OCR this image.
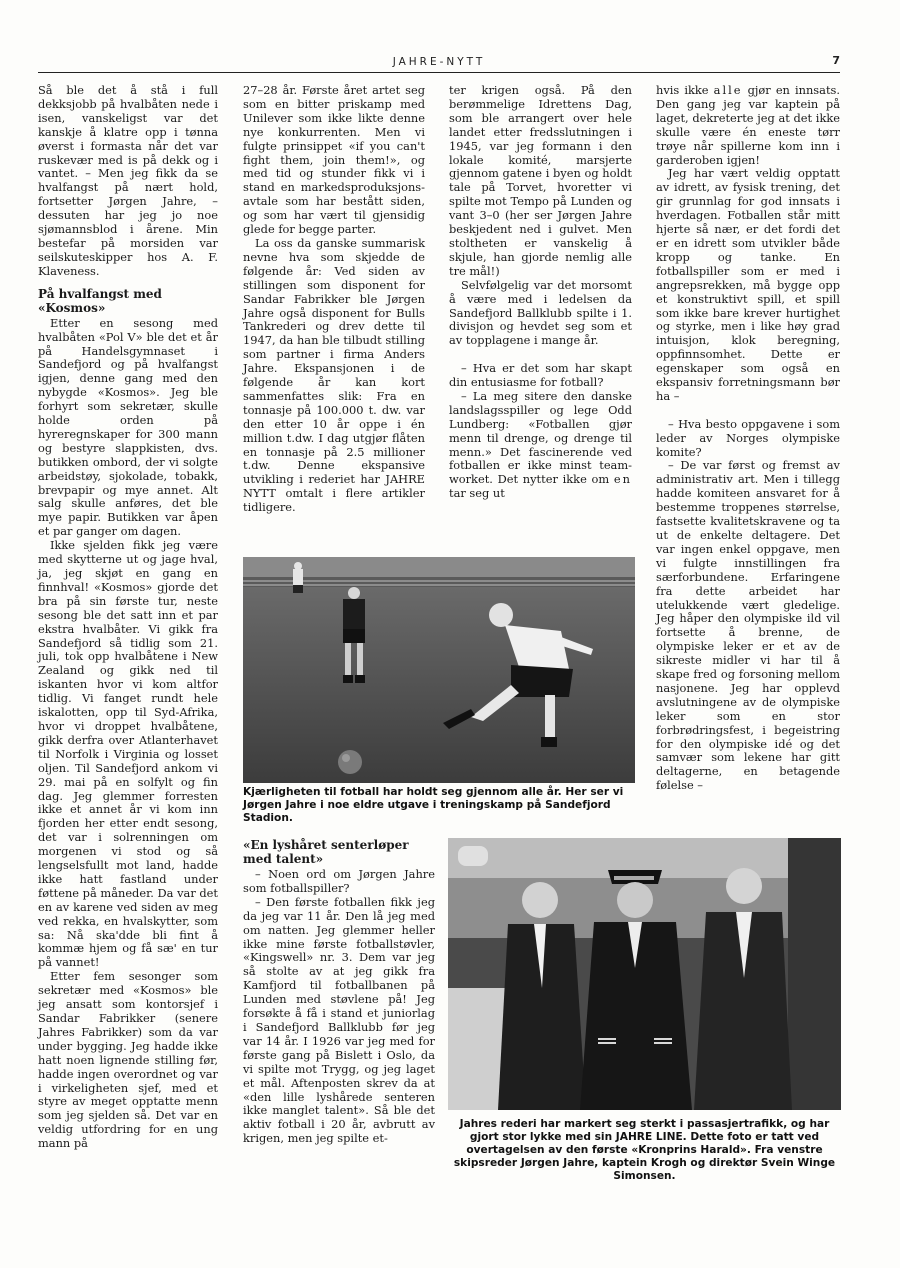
JAHRE-NYTT	7

Så ble det å stå i full dekksjobb på hvalbåten nede i isen, vanskeligst var det kanskje å klatre opp i tønna øverst i formasta når det var ruskevær med is på dekk og i vantet. – Men jeg fikk da se hvalfangst på nært hold, fortsetter Jørgen Jahre, – dessuten har jeg jo noe sjømannsblod i årene. Min bestefar på morsiden var seilskuteskipper hos A. F. Klaveness.

På hvalfangst med «Kosmos»

Etter en sesong med hvalbåten «Pol V» ble det et år på Handelsgymnaset i Sandefjord og på hvalfangst igjen, denne gang med den nybygde «Kosmos». Jeg ble forhyrt som sekretær, skulle holde orden på hyreregnskaper for 300 mann og bestyre slappkisten, dvs. butikken ombord, der vi solgte arbeidstøy, sjokolade, tobakk, brevpapir og mye annet. Alt salg skulle anføres, det ble mye papir. Butikken var åpen et par ganger om dagen.

Ikke sjelden fikk jeg være med skytterne ut og jage hval, ja, jeg skjøt en gang en finnhval! «Kosmos» gjorde det bra på sin første tur, neste sesong ble det satt inn et par ekstra hvalbåter. Vi gikk fra Sandefjord så tidlig som 21. juli, tok opp hvalbåtene i New Zealand og gikk ned til iskanten hvor vi kom altfor tidlig. Vi fanget rundt hele iskalotten, opp til Syd-Afrika, hvor vi droppet hvalbåtene, gikk derfra over Atlanterhavet til Norfolk i Virginia og losset oljen. Til Sandefjord ankom vi 29. mai på en solfylt og fin dag. Jeg glemmer forresten ikke et annet år vi kom inn fjorden her etter endt sesong, det var i solrenningen om morgenen vi stod og så lengselsfullt mot land, hadde ikke hatt fastland under føttene på måneder. Da var det en av karene ved siden av meg ved rekka, en hvalskytter, som sa: Nå ska'dde bli fint å kommæ hjem og få sæ' en tur på vannet!

Etter fem sesonger som sekretær med «Kosmos» ble jeg ansatt som kontorsjef i Sandar Fabrikker (senere Jahres Fabrikker) som da var under bygging. Jeg hadde ikke hatt noen lignende stilling før, hadde ingen overordnet og var i virkeligheten sjef, med et styre av meget opptatte menn som jeg sjelden så. Det var en veldig utfordring for en ung mann på

27–28 år. Første året artet seg som en bitter priskamp med Unilever som ikke likte denne nye konkurrenten. Men vi fulgte prinsippet «if you can't fight them, join them!», og med tid og stunder fikk vi i stand en markedsproduksjons-avtale som har bestått siden, og som har vært til gjensidig glede for begge parter.

La oss da ganske summarisk nevne hva som skjedde de følgende år: Ved siden av stillingen som disponent for Sandar Fabrikker ble Jørgen Jahre også disponent for Bulls Tankrederi og drev dette til 1947, da han ble tilbudt stilling som partner i firma Anders Jahre. Ekspansjonen i de følgende år kan kort sammenfattes slik: Fra en tonnasje på 100.000 t. dw. var den etter 10 år oppe i én million t.dw. I dag utgjør flåten en tonnasje på 2.5 millioner t.dw. Denne ekspansive utvikling i rederiet har JAHRE NYTT omtalt i flere artikler tidligere.

ter krigen også. På den berømmelige Idrettens Dag, som ble arrangert over hele landet etter fredsslutningen i 1945, var jeg formann i den lokale komité, marsjerte gjennom gatene i byen og holdt tale på Torvet, hvoretter vi spilte mot Tempo på Lunden og vant 3–0 (her ser Jørgen Jahre beskjedent ned i gulvet. Men stoltheten er vanskelig å skjule, han gjorde nemlig alle tre mål!)

Selvfølgelig var det morsomt å være med i ledelsen da Sandefjord Ballklubb spilte i 1. divisjon og hevdet seg som et av topplagene i mange år.

– Hva er det som har skapt din entusiasme for fotball?

– La meg sitere den danske landslagsspiller og lege Odd Lundberg: «Fotballen gjør menn til drenge, og drenge til menn.» Det fascinerende ved fotballen er ikke minst team-worket. Det nytter ikke om en tar seg ut

hvis ikke alle gjør en innsats. Den gang jeg var kaptein på laget, dekreterte jeg at det ikke skulle være én eneste tørr trøye når spillerne kom inn i garderoben igjen!

Jeg har vært veldig opptatt av idrett, av fysisk trening, det gir grunnlag for god innsats i hverdagen. Fotballen står mitt hjerte så nær, er det fordi det er en idrett som utvikler både kropp og tanke. En fotballspiller som er med i angrepsrekken, må bygge opp et konstruktivt spill, et spill som ikke bare krever hurtighet og styrke, men i like høy grad intuisjon, klok beregning, oppfinnsomhet. Dette er egenskaper som også en ekspansiv forretningsmann bør ha –

– Hva besto oppgavene i som leder av Norges olympiske komite?

– De var først og fremst av administrativ art. Men i tillegg hadde komiteen ansvaret for å bestemme troppenes størrelse, fastsette kvalitetskravene og ta ut de enkelte deltagere. Det var ingen enkel oppgave, men vi fulgte innstillingen fra særforbundene. Erfaringene fra dette arbeidet har utelukkende vært gledelige. Jeg håper den olympiske ild vil fortsette å brenne, de olympiske leker er et av de sikreste midler vi har til å skape fred og forsoning mellom nasjonene. Jeg har opplevd avslutningene av de olympiske leker som en stor forbrødringsfest, i begeistring for den olympiske idé og det samvær som lekene har gitt deltagerne, en betagende følelse –

Kjærligheten til fotball har holdt seg gjennom alle år. Her ser vi Jørgen Jahre i noe eldre utgave i treningskamp på Sandefjord Stadion.
«En lyshåret senterløper med talent»

– Noen ord om Jørgen Jahre som fotballspiller?

– Den første fotballen fikk jeg da jeg var 11 år. Den lå jeg med om natten. Jeg glemmer heller ikke mine første fotballstøvler, «Kingswell» nr. 3. Dem var jeg så stolte av at jeg gikk fra Kamfjord til fotballbanen på Lunden med støvlene på! Jeg forsøkte å få i stand et juniorlag i Sandefjord Ballklubb før jeg var 14 år. I 1926 var jeg med for første gang på Bislett i Oslo, da vi spilte mot Trygg, og jeg laget et mål. Aftenposten skrev da at «den lille lyshårede senteren ikke manglet talent». Så ble det aktiv fotball i 20 år, avbrutt av krigen, men jeg spilte et-

Jahres rederi har markert seg sterkt i passasjertrafikk, og har gjort stor lykke med sin JAHRE LINE. Dette foto er tatt ved overtagelsen av den første «Kronprins Harald». Fra venstre skipsreder Jørgen Jahre, kaptein Krogh og direktør Svein Winge Simonsen.
